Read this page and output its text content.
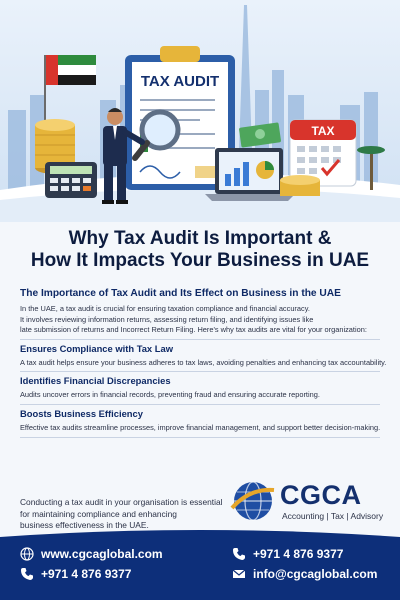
TAX AUDIT
TAX
Why Tax Audit Is Important &
How It Impacts Your Business in UAE
The Importance of Tax Audit and Its Effect on Business in the UAE
In the UAE, a tax audit is crucial for ensuring taxation compliance and financial accuracy.
It involves reviewing information returns, assessing return filing, and identifying issues like
late submission of returns and Incorrect Return Filing. Here's why tax audits are vital for your organization:
Ensures Compliance with Tax Law
A tax audit helps ensure your business adheres to tax laws, avoiding penalties and enhancing tax accountability.
Identifies Financial Discrepancies
Audits uncover errors in financial records, preventing fraud and ensuring accurate reporting.
Boosts Business Efficiency
Effective tax audits streamline processes, improve financial management, and support better decision-making.
Conducting a tax audit in your organisation is essential
for maintaining compliance and enhancing
business effectiveness in the UAE.
CGCA
Accounting | Tax | Advisory
www.cgcaglobal.com
+971 4 876 9377
+971 4 876 9377
info@cgcaglobal.com
